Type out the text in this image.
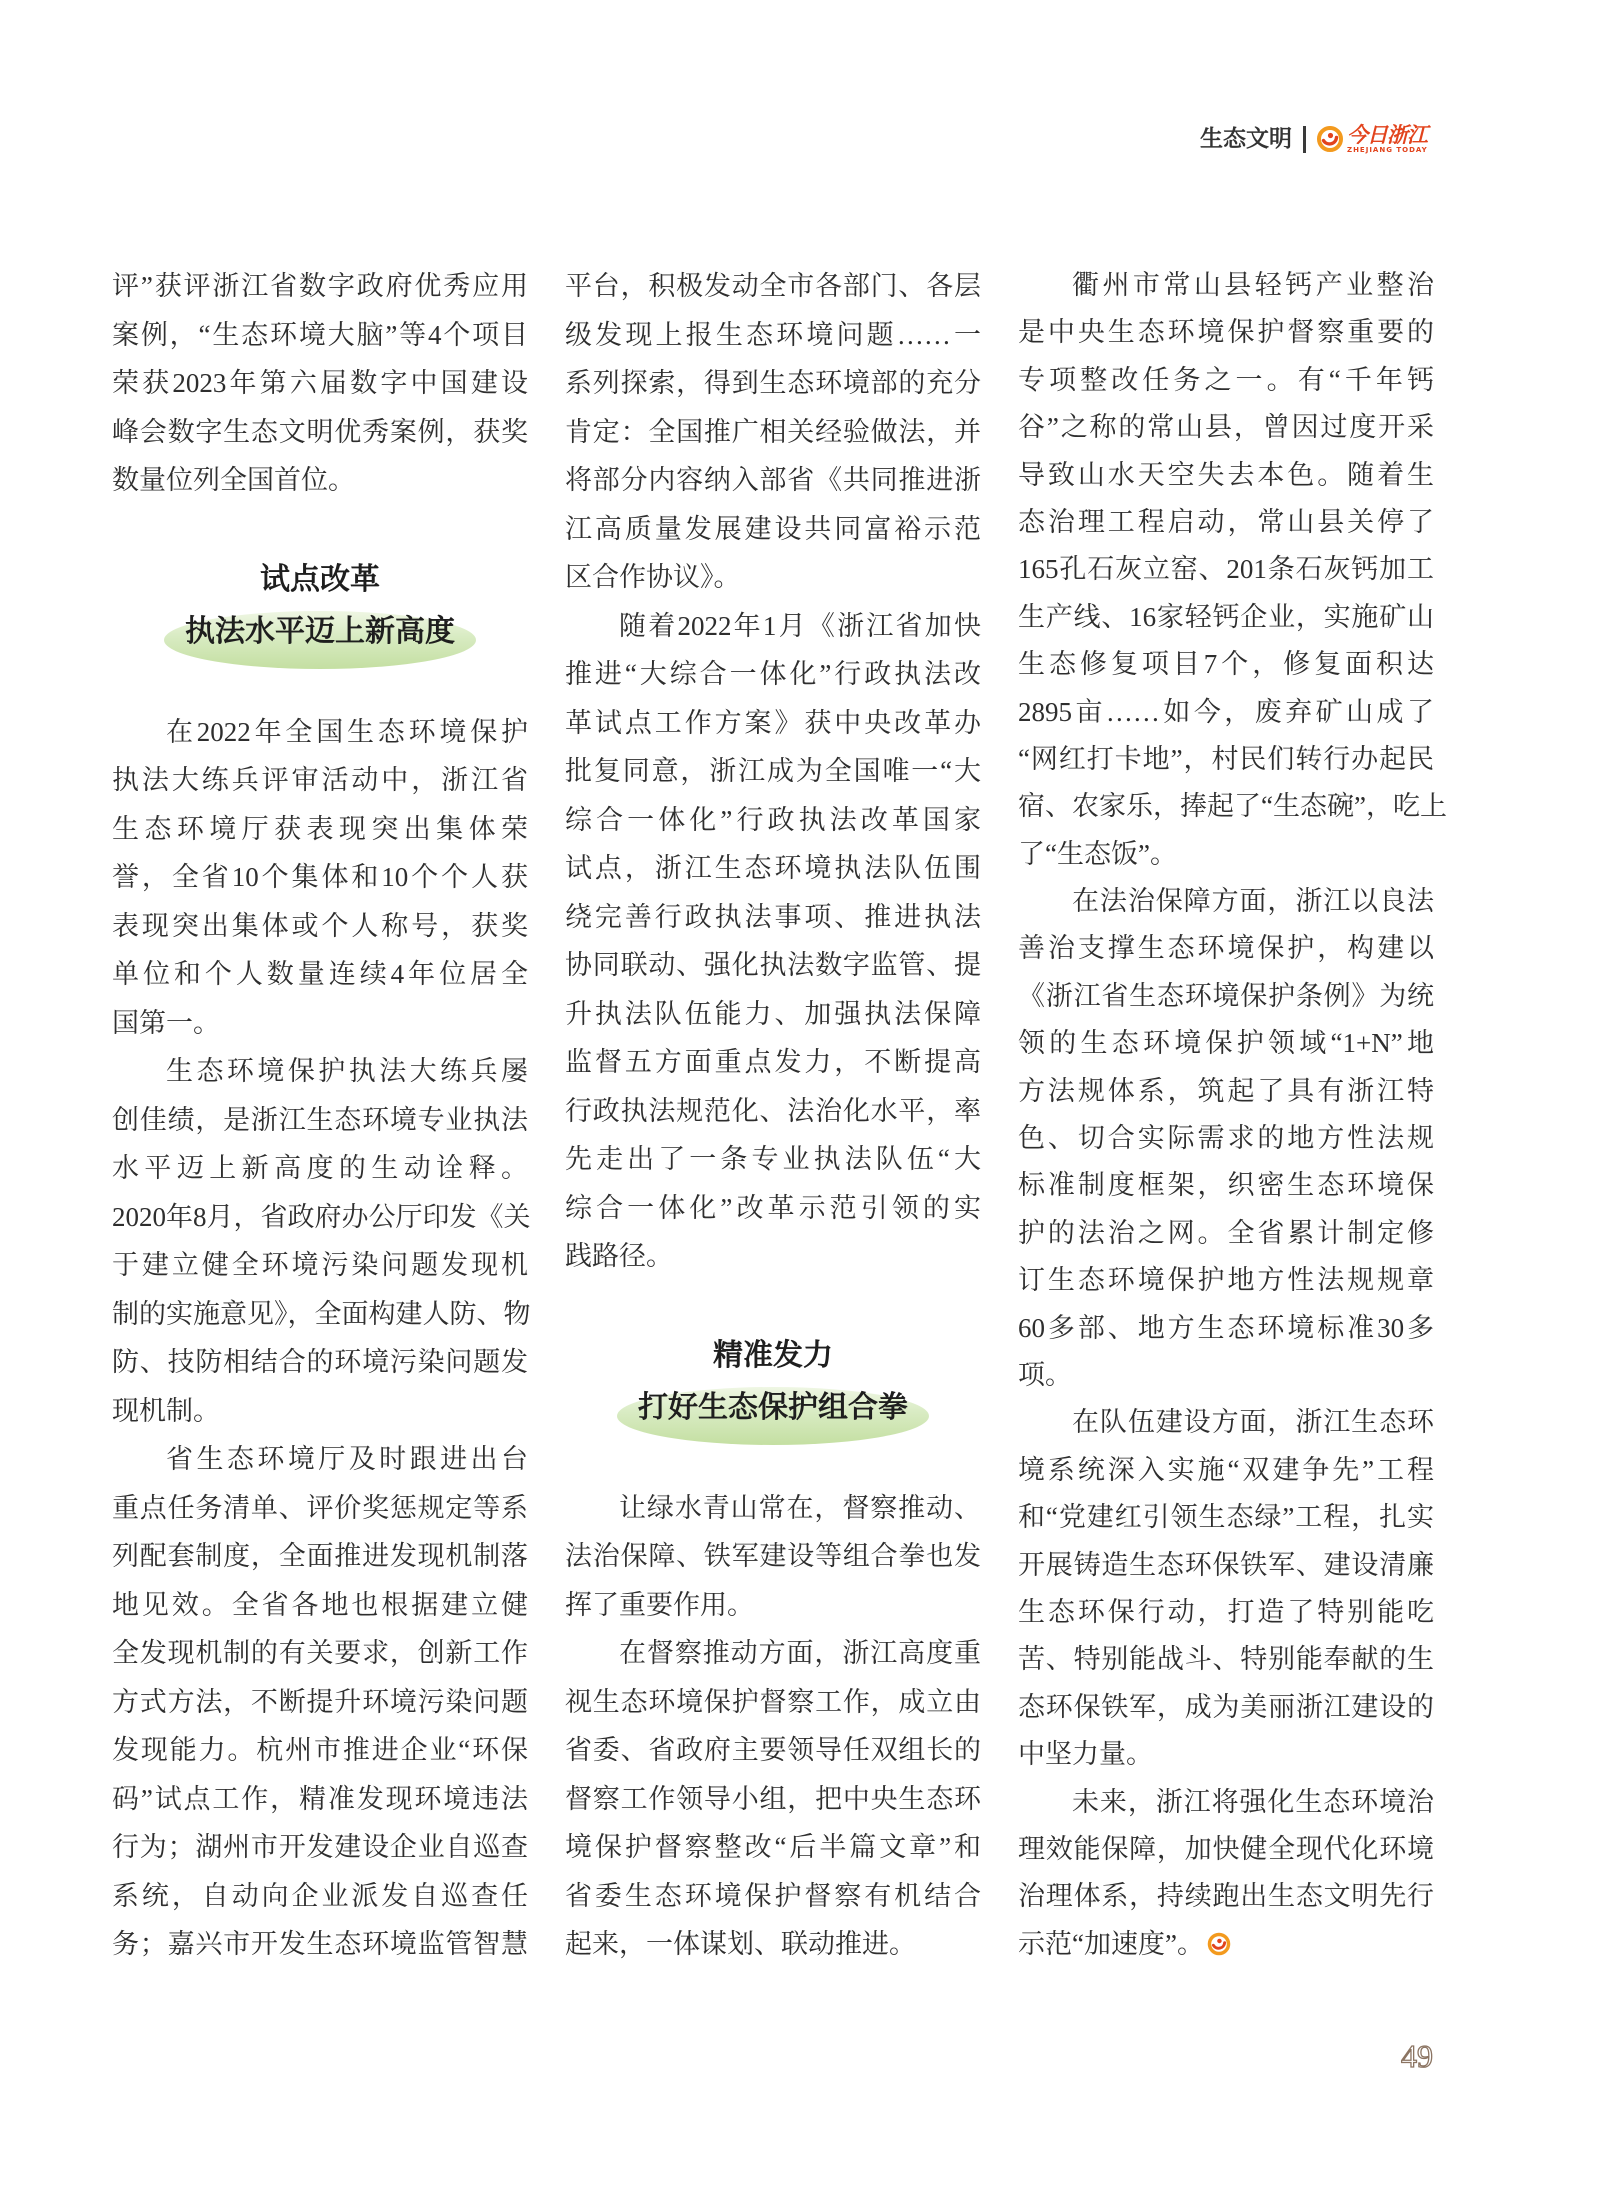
生态文明	今日浙江
ZHEJIANG TODAY
评”获评浙江省数字政府优秀应用
案例，“生态环境大脑”等4个项目
荣获2023年第六届数字中国建设
峰会数字生态文明优秀案例，获奖
数量位列全国首位。
试点改革
执法水平迈上新高度
在2022年全国生态环境保护
执法大练兵评审活动中，浙江省
生态环境厅获表现突出集体荣
誉，全省10个集体和10个个人获
表现突出集体或个人称号，获奖
单位和个人数量连续4年位居全
国第一。
生态环境保护执法大练兵屡
创佳绩，是浙江生态环境专业执法
水平迈上新高度的生动诠释。
2020年8月，省政府办公厅印发《关
于建立健全环境污染问题发现机
制的实施意见》，全面构建人防、物
防、技防相结合的环境污染问题发
现机制。
省生态环境厅及时跟进出台
重点任务清单、评价奖惩规定等系
列配套制度，全面推进发现机制落
地见效。全省各地也根据建立健
全发现机制的有关要求，创新工作
方式方法，不断提升环境污染问题
发现能力。杭州市推进企业“环保
码”试点工作，精准发现环境违法
行为；湖州市开发建设企业自巡查
系统，自动向企业派发自巡查任
务；嘉兴市开发生态环境监管智慧
平台，积极发动全市各部门、各层
级发现上报生态环境问题……一
系列探索，得到生态环境部的充分
肯定：全国推广相关经验做法，并
将部分内容纳入部省《共同推进浙
江高质量发展建设共同富裕示范
区合作协议》。
随着2022年1月《浙江省加快
推进“大综合一体化”行政执法改
革试点工作方案》获中央改革办
批复同意，浙江成为全国唯一“大
综合一体化”行政执法改革国家
试点，浙江生态环境执法队伍围
绕完善行政执法事项、推进执法
协同联动、强化执法数字监管、提
升执法队伍能力、加强执法保障
监督五方面重点发力，不断提高
行政执法规范化、法治化水平，率
先走出了一条专业执法队伍“大
综合一体化”改革示范引领的实
践路径。
精准发力
打好生态保护组合拳
让绿水青山常在，督察推动、
法治保障、铁军建设等组合拳也发
挥了重要作用。
在督察推动方面，浙江高度重
视生态环境保护督察工作，成立由
省委、省政府主要领导任双组长的
督察工作领导小组，把中央生态环
境保护督察整改“后半篇文章”和
省委生态环境保护督察有机结合
起来，一体谋划、联动推进。
衢州市常山县轻钙产业整治
是中央生态环境保护督察重要的
专项整改任务之一。有“千年钙
谷”之称的常山县，曾因过度开采
导致山水天空失去本色。随着生
态治理工程启动，常山县关停了
165孔石灰立窑、201条石灰钙加工
生产线、16家轻钙企业，实施矿山
生态修复项目7个，修复面积达
2895亩……如今，废弃矿山成了
“网红打卡地”，村民们转行办起民
宿、农家乐，捧起了“生态碗”，吃上
了“生态饭”。
在法治保障方面，浙江以良法
善治支撑生态环境保护，构建以
《浙江省生态环境保护条例》为统
领的生态环境保护领域“1+N”地
方法规体系，筑起了具有浙江特
色、切合实际需求的地方性法规
标准制度框架，织密生态环境保
护的法治之网。全省累计制定修
订生态环境保护地方性法规规章
60多部、地方生态环境标准30多
项。
在队伍建设方面，浙江生态环
境系统深入实施“双建争先”工程
和“党建红引领生态绿”工程，扎实
开展铸造生态环保铁军、建设清廉
生态环保行动，打造了特别能吃
苦、特别能战斗、特别能奉献的生
态环保铁军，成为美丽浙江建设的
中坚力量。
未来，浙江将强化生态环境治
理效能保障，加快健全现代化环境
治理体系，持续跑出生态文明先行
示范“加速度”。
49
